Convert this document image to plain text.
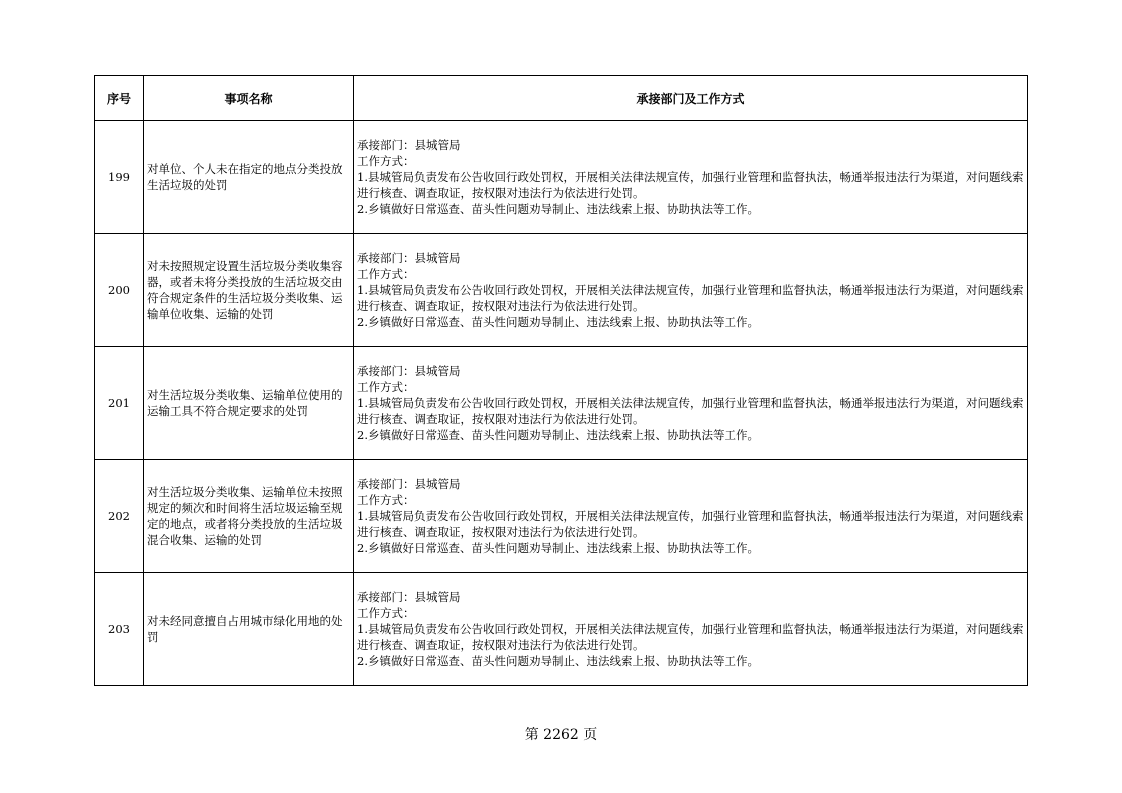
序号	事项名称	承接部门及工作方式
199	对单位、个人未在指定的地点分类投放生活垃圾的处罚	承接部门：县城管局
工作方式：
1.县城管局负责发布公告收回行政处罚权，开展相关法律法规宣传，加强行业管理和监督执法，畅通举报违法行为渠道，对问题线索进行核查、调查取证，按权限对违法行为依法进行处罚。
2.乡镇做好日常巡查、苗头性问题劝导制止、违法线索上报、协助执法等工作。

200	对未按照规定设置生活垃圾分类收集容器，或者未将分类投放的生活垃圾交由符合规定条件的生活垃圾分类收集、运输单位收集、运输的处罚	承接部门：县城管局
工作方式：
1.县城管局负责发布公告收回行政处罚权，开展相关法律法规宣传，加强行业管理和监督执法，畅通举报违法行为渠道，对问题线索进行核查、调查取证，按权限对违法行为依法进行处罚。
2.乡镇做好日常巡查、苗头性问题劝导制止、违法线索上报、协助执法等工作。

201	对生活垃圾分类收集、运输单位使用的运输工具不符合规定要求的处罚	承接部门：县城管局
工作方式：
1.县城管局负责发布公告收回行政处罚权，开展相关法律法规宣传，加强行业管理和监督执法，畅通举报违法行为渠道，对问题线索进行核查、调查取证，按权限对违法行为依法进行处罚。
2.乡镇做好日常巡查、苗头性问题劝导制止、违法线索上报、协助执法等工作。

202	对生活垃圾分类收集、运输单位未按照规定的频次和时间将生活垃圾运输至规定的地点，或者将分类投放的生活垃圾混合收集、运输的处罚	承接部门：县城管局
工作方式：
1.县城管局负责发布公告收回行政处罚权，开展相关法律法规宣传，加强行业管理和监督执法，畅通举报违法行为渠道，对问题线索进行核查、调查取证，按权限对违法行为依法进行处罚。
2.乡镇做好日常巡查、苗头性问题劝导制止、违法线索上报、协助执法等工作。

203	对未经同意擅自占用城市绿化用地的处罚	承接部门：县城管局
工作方式：
1.县城管局负责发布公告收回行政处罚权，开展相关法律法规宣传，加强行业管理和监督执法，畅通举报违法行为渠道，对问题线索进行核查、调查取证，按权限对违法行为依法进行处罚。
2.乡镇做好日常巡查、苗头性问题劝导制止、违法线索上报、协助执法等工作。
第 2262 页
